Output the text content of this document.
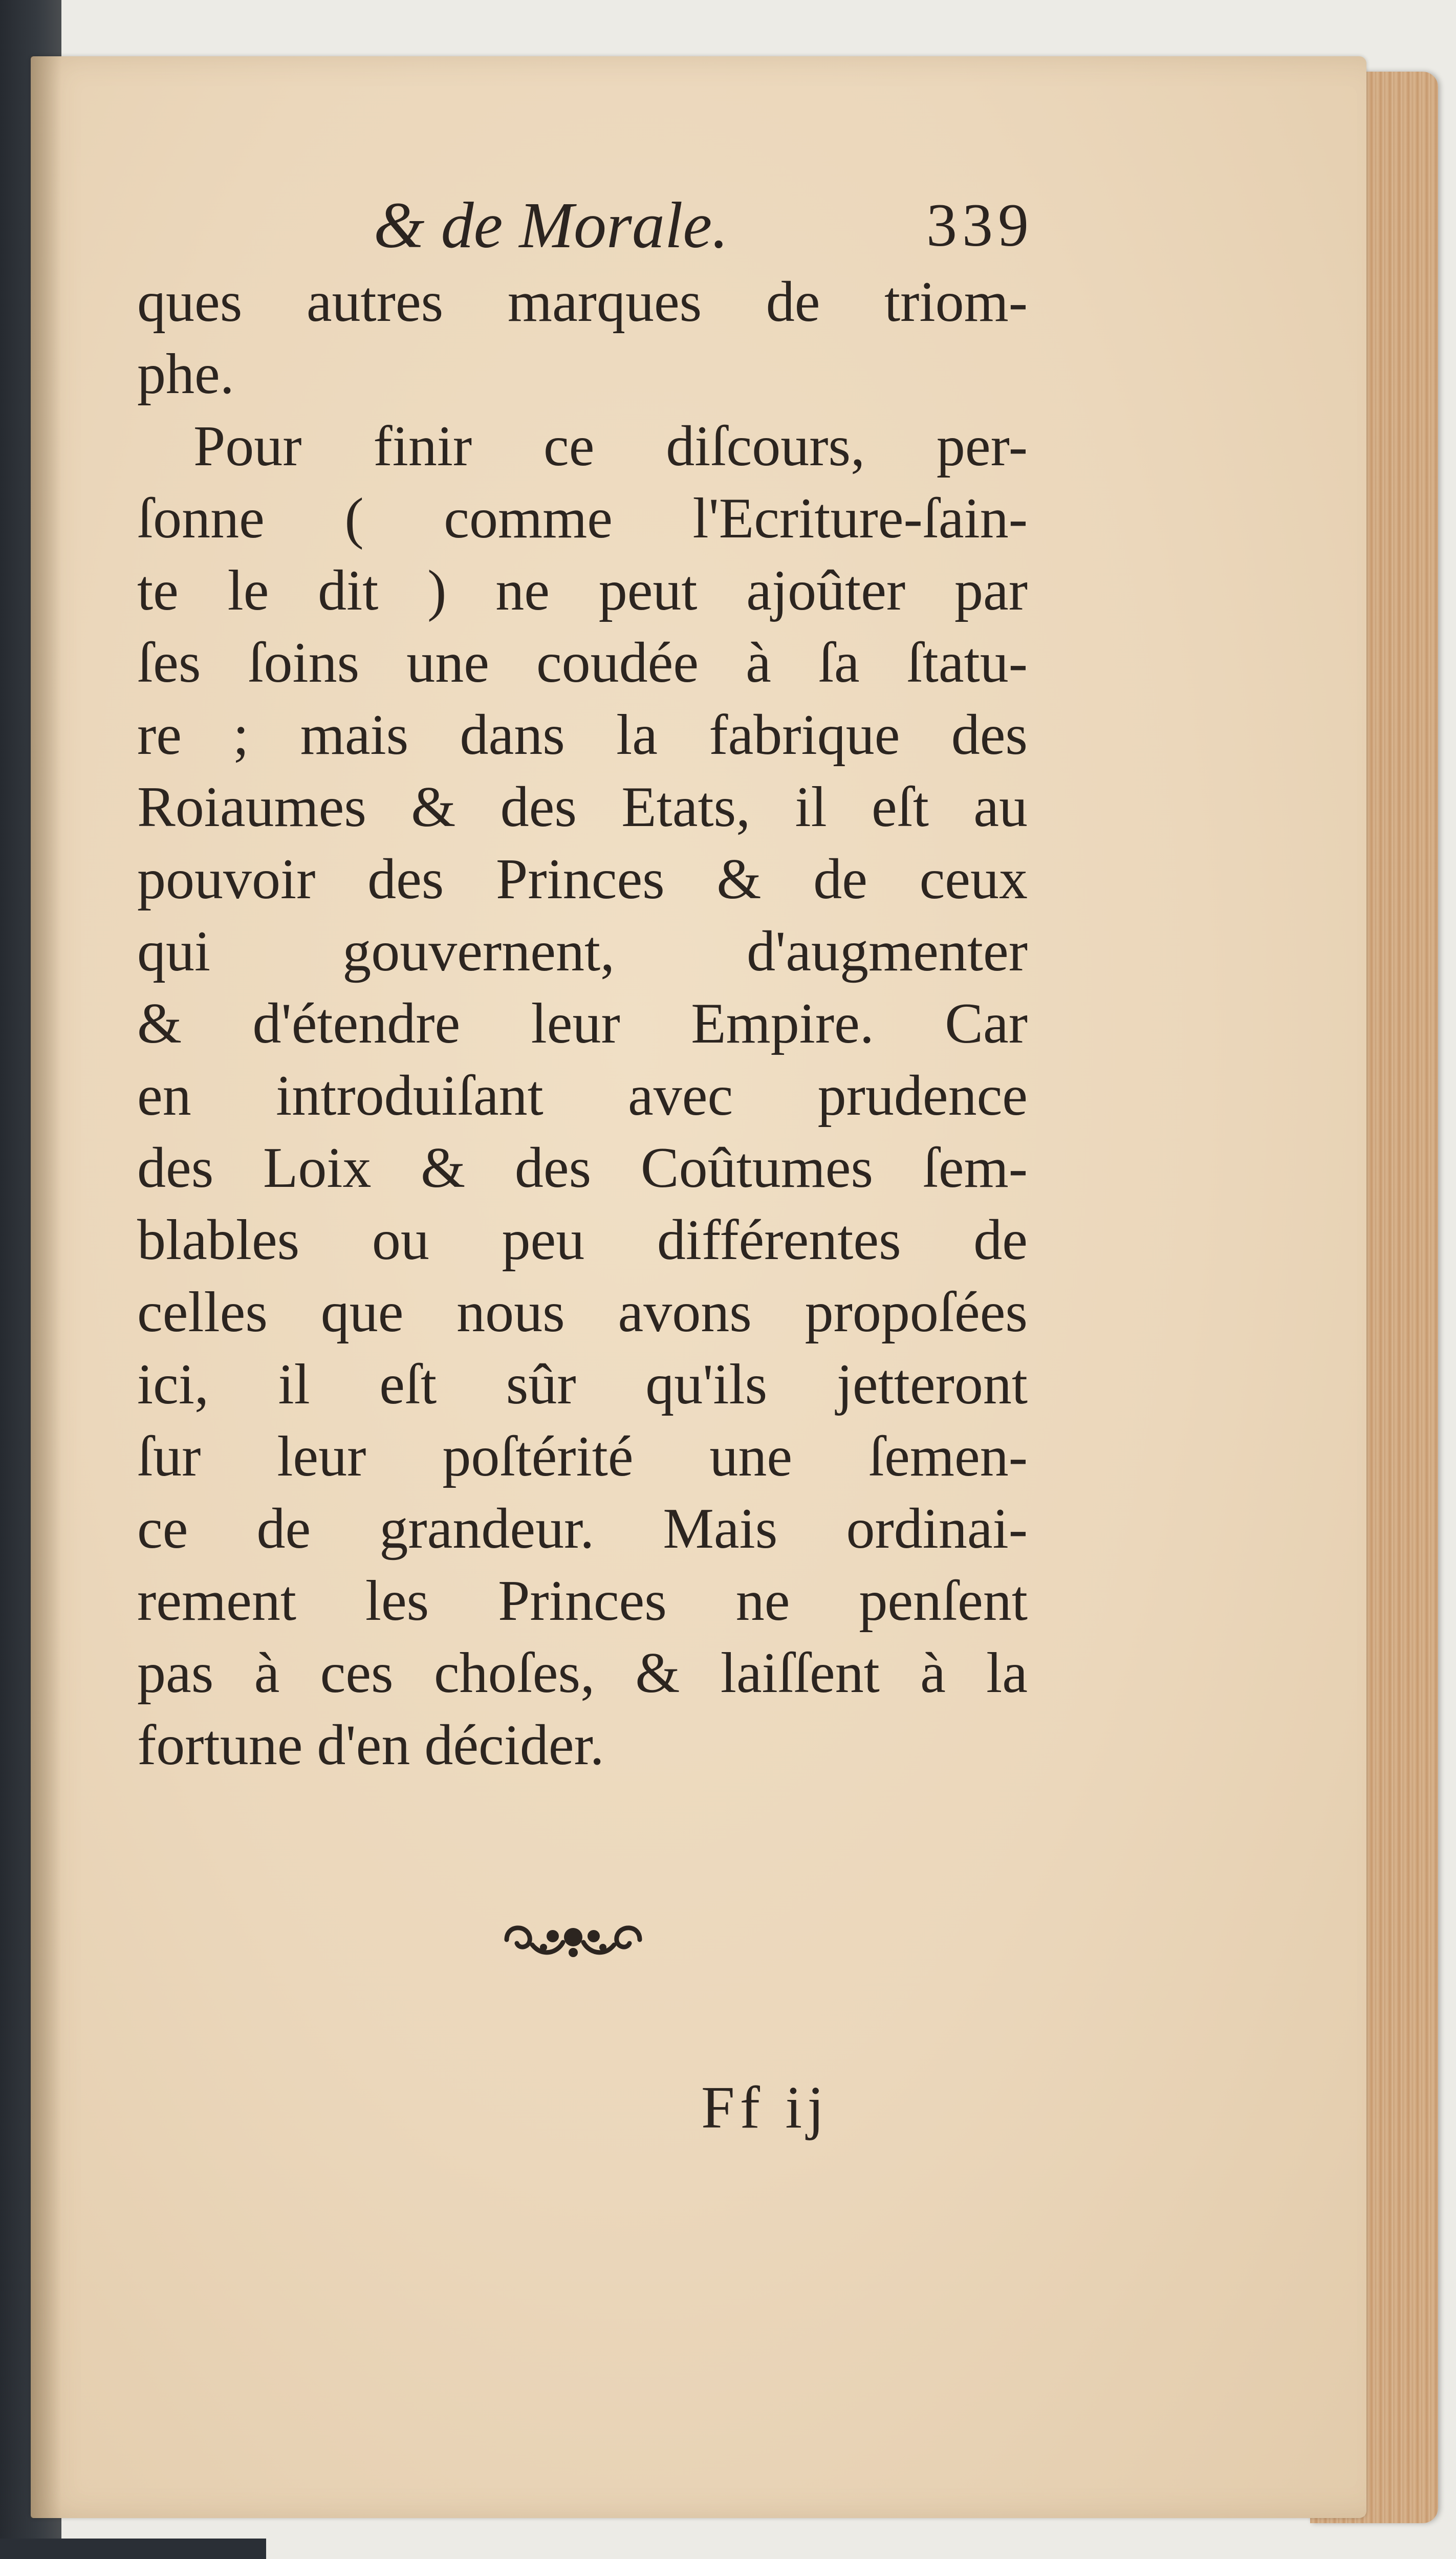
& de Morale.	339
ques autres marques de triom-
phe.
Pour finir ce diſcours, per-
ſonne ( comme l'Ecriture-ſain-
te le dit ) ne peut ajoûter par
ſes ſoins une coudée à ſa ſtatu-
re ; mais dans la fabrique des
Roiaumes & des Etats, il eſt au
pouvoir des Princes & de ceux
qui gouvernent, d'augmenter
& d'étendre leur Empire. Car
en introduiſant avec prudence
des Loix & des Coûtumes ſem-
blables ou peu différentes de
celles que nous avons propoſées
ici, il eſt sûr qu'ils jetteront
ſur leur poſtérité une ſemen-
ce de grandeur. Mais ordinai-
rement les Princes ne penſent
pas à ces choſes, & laiſſent à la
fortune d'en décider.
Ff ij
